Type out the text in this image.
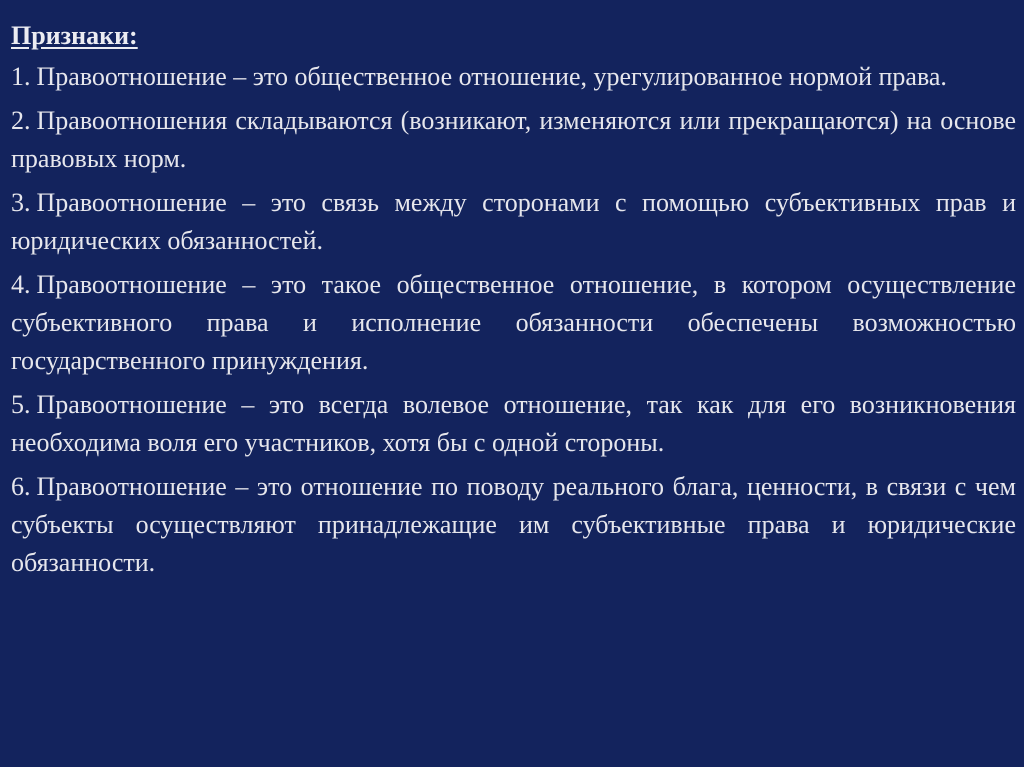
Признаки:
1. Правоотношение – это общественное отношение, урегулированное нормой права.
2. Правоотношения складываются (возникают, изменяются или прекращаются) на основе правовых норм.
3. Правоотношение – это связь между сторонами с помощью субъективных прав и юридических обязанностей.
4. Правоотношение – это такое общественное отношение, в котором осуществление субъективного права и исполнение обязанности обеспечены возможностью государственного принуждения.
5. Правоотношение – это всегда волевое отношение, так как для его возникновения необходима воля его участников, хотя бы с одной стороны.
6. Правоотношение – это отношение по поводу реального блага, ценности, в связи с чем субъекты осуществляют принадлежащие им субъективные права и юридические обязанности.
